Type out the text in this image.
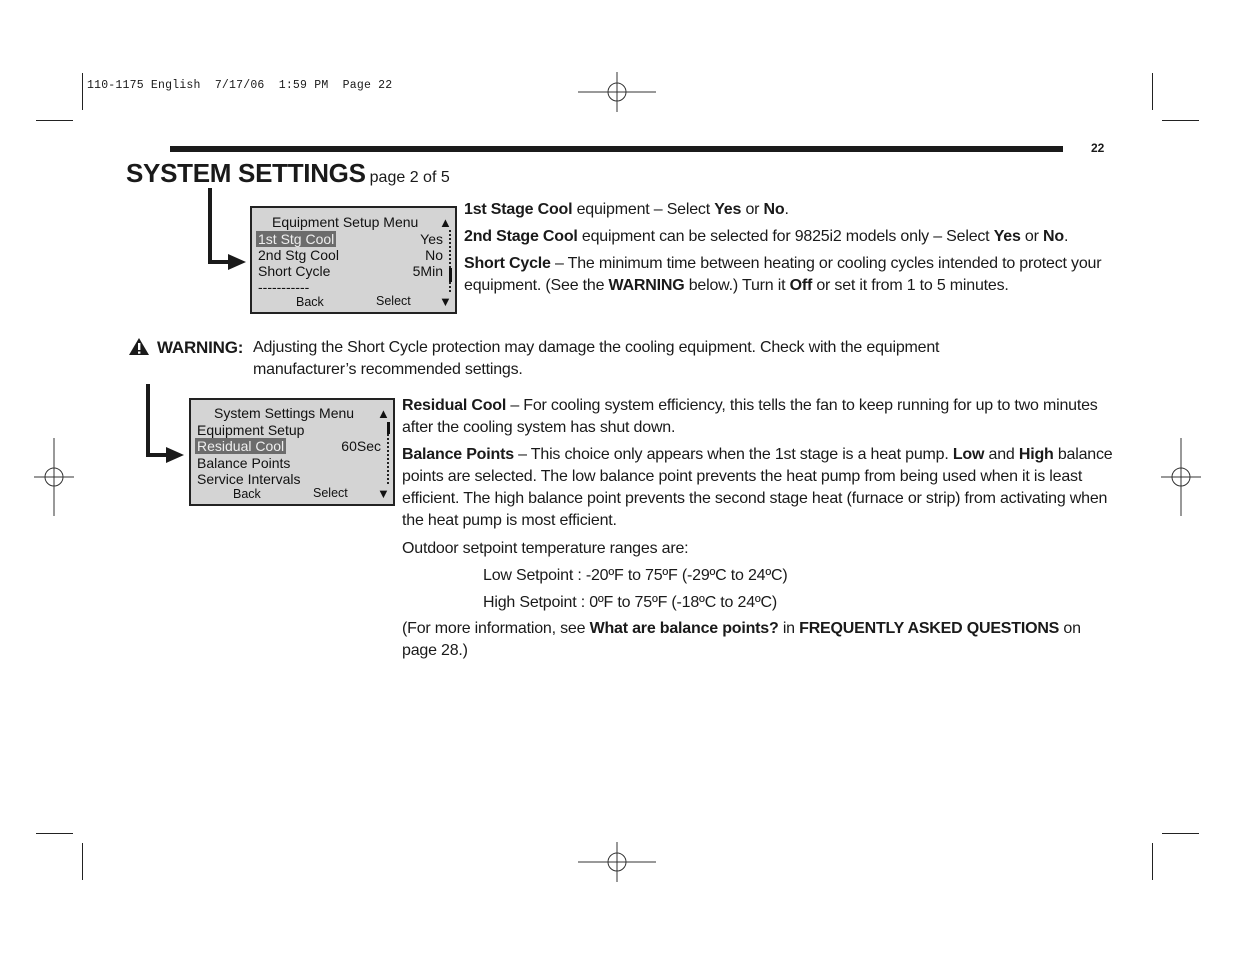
110-1175 English  7/17/06  1:59 PM  Page 22
22
SYSTEM SETTINGS page 2 of 5
Equipment Setup Menu	▲
1st Stg Cool	Yes
2nd Stg Cool	No
Short Cycle	5Min
-----------
Back	Select ▼
1st Stage Cool equipment – Select Yes or No.
2nd Stage Cool equipment can be selected for 9825i2 models only – Select Yes or No.
Short Cycle – The minimum time between heating or cooling cycles intended to protect your equipment. (See the WARNING below.) Turn it Off or set it from 1 to 5 minutes.
WARNING: Adjusting the Short Cycle protection may damage the cooling equipment. Check with the equipment manufacturer’s recommended settings.
System Settings Menu	▲
Equipment Setup
Residual Cool	60Sec
Balance Points
Service Intervals
Back	Select ▼
Residual Cool – For cooling system efficiency, this tells the fan to keep running for up to two minutes after the cooling system has shut down.
Balance Points – This choice only appears when the 1st stage is a heat pump. Low and High balance points are selected. The low balance point prevents the heat pump from being used when it is least efficient. The high balance point prevents the second stage heat (furnace or strip) from activating when the heat pump is most efficient.
Outdoor setpoint temperature ranges are:
Low Setpoint : -20ºF to 75ºF (-29ºC to 24ºC)
High Setpoint : 0ºF to 75ºF (-18ºC to 24ºC)
(For more information, see What are balance points? in FREQUENTLY ASKED QUESTIONS on page 28.)
